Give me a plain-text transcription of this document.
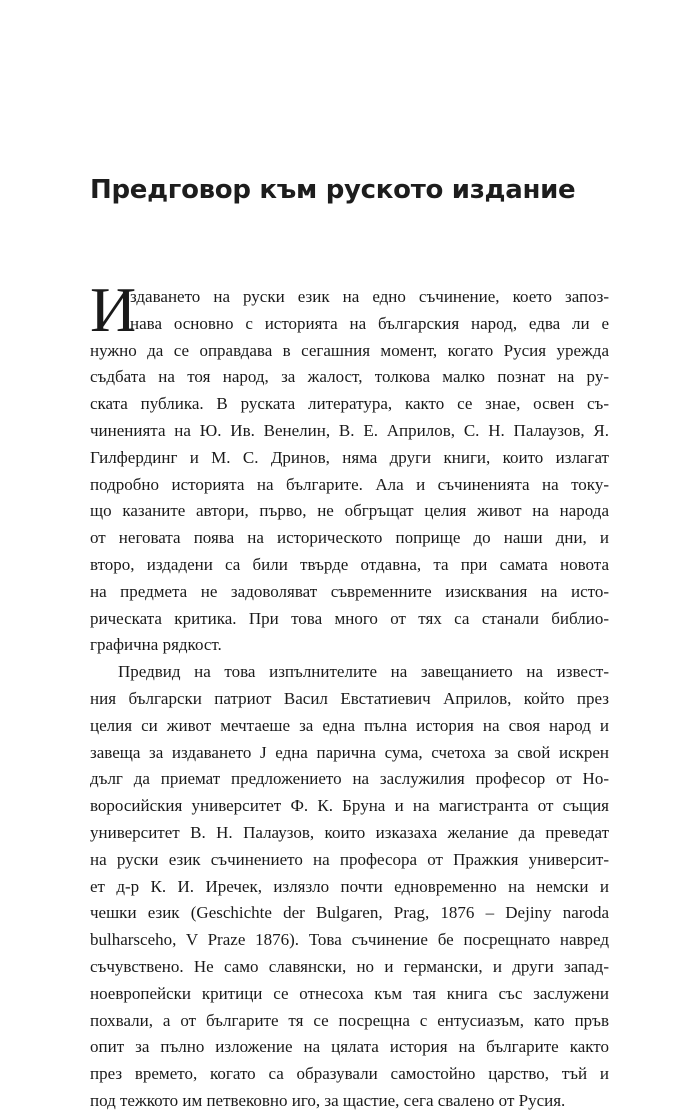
Предговор към руското издание
И
здаването на руски език на едно съчинение, което запоз-
нава основно с историята на българския народ, едва ли е
нужно да се оправдава в сегашния момент, когато Русия урежда
съдбата на тоя народ, за жалост, толкова малко познат на ру-
ската публика. В руската литература, както се знае, освен съ-
чиненията на Ю. Ив. Венелин, В. Е. Априлов, С. Н. Палаузов, Я.
Гилфердинг и М. С. Дринов, няма други книги, които излагат
подробно историята на българите. Ала и съчиненията на току-
що казаните автори, първо, не обгръщат целия живот на народа
от неговата поява на историческото поприще до наши дни, и
второ, издадени са били твърде отдавна, та при самата новота
на предмета не задоволяват съвременните изисквания на исто-
рическата критика. При това много от тях са станали библио-
графична рядкост.
Предвид на това изпълнителите на завещанието на извест-
ния български патриот Васил Евстатиевич Априлов, който през
целия си живот мечтаеше за една пълна история на своя народ и
завеща за издаването Ј една парична сума, счетоха за свой искрен
дълг да приемат предложението на заслужилия професор от Но-
воросийския университет Ф. К. Бруна и на магистранта от същия
университет В. Н. Палаузов, които изказаха желание да преведат
на руски език съчинението на професора от Пражкия университ-
ет д-р К. И. Иречек, излязло почти едновременно на немски и
чешки език (Geschichte der Bulgaren, Prag, 1876 – Dejiny naroda
bulharsceho, V Praze 1876). Това съчинение бе посрещнато навред
съчувствено. Не само славянски, но и германски, и други запад-
ноевропейски критици се отнесоха към тая книга със заслужени
похвали, а от българите тя се посрещна с ентусиазъм, като пръв
опит за пълно изложение на цялата история на българите както
през времето, когато са образували самостойно царство, тъй и
под тежкото им петвековно иго, за щастие, сега свалено от Русия.
